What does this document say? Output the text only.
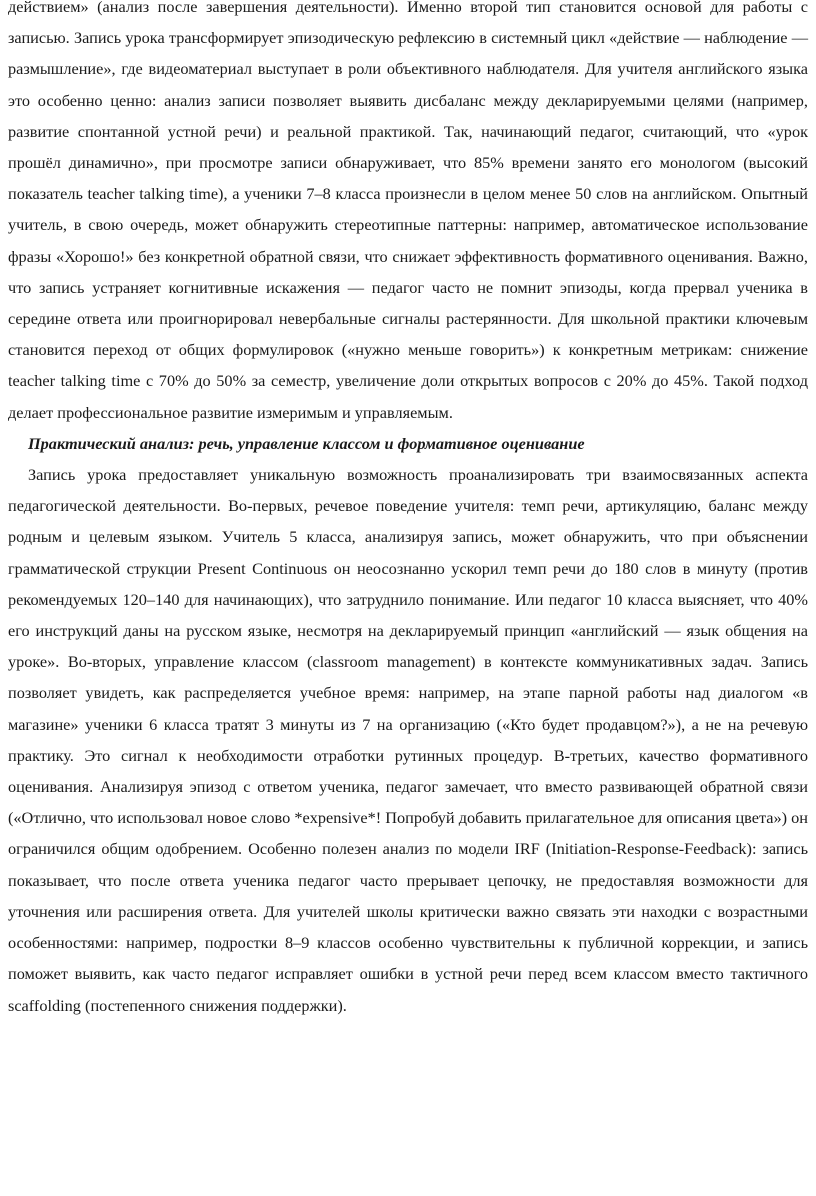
действием» (анализ после завершения деятельности). Именно второй тип становится основой для работы с записью. Запись урока трансформирует эпизодическую рефлексию в системный цикл «действие — наблюдение — размышление», где видеоматериал выступает в роли объективного наблюдателя. Для учителя английского языка это особенно ценно: анализ записи позволяет выявить дисбаланс между декларируемыми целями (например, развитие спонтанной устной речи) и реальной практикой. Так, начинающий педагог, считающий, что «урок прошёл динамично», при просмотре записи обнаруживает, что 85% времени занято его монологом (высокий показатель teacher talking time), а ученики 7–8 класса произнесли в целом менее 50 слов на английском. Опытный учитель, в свою очередь, может обнаружить стереотипные паттерны: например, автоматическое использование фразы «Хорошо!» без конкретной обратной связи, что снижает эффективность формативного оценивания. Важно, что запись устраняет когнитивные искажения — педагог часто не помнит эпизоды, когда прервал ученика в середине ответа или проигнорировал невербальные сигналы растерянности. Для школьной практики ключевым становится переход от общих формулировок («нужно меньше говорить») к конкретным метрикам: снижение teacher talking time с 70% до 50% за семестр, увеличение доли открытых вопросов с 20% до 45%. Такой подход делает профессиональное развитие измеримым и управляемым.

Практический анализ: речь, управление классом и формативное оценивание

Запись урока предоставляет уникальную возможность проанализировать три взаимосвязанных аспекта педагогической деятельности. Во-первых, речевое поведение учителя: темп речи, артикуляцию, баланс между родным и целевым языком. Учитель 5 класса, анализируя запись, может обнаружить, что при объяснении грамматической струкции Present Continuous он неосознанно ускорил темп речи до 180 слов в минуту (против рекомендуемых 120–140 для начинающих), что затруднило понимание. Или педагог 10 класса выясняет, что 40% его инструкций даны на русском языке, несмотря на декларируемый принцип «английский — язык общения на уроке». Во-вторых, управление классом (classroom management) в контексте коммуникативных задач. Запись позволяет увидеть, как распределяется учебное время: например, на этапе парной работы над диалогом «в магазине» ученики 6 класса тратят 3 минуты из 7 на организацию («Кто будет продавцом?»), а не на речевую практику. Это сигнал к необходимости отработки рутинных процедур. В-третьих, качество формативного оценивания. Анализируя эпизод с ответом ученика, педагог замечает, что вместо развивающей обратной связи («Отлично, что использовал новое слово *expensive*! Попробуй добавить прилагательное для описания цвета») он ограничился общим одобрением. Особенно полезен анализ по модели IRF (Initiation-Response-Feedback): запись показывает, что после ответа ученика педагог часто прерывает цепочку, не предоставляя возможности для уточнения или расширения ответа. Для учителей школы критически важно связать эти находки с возрастными особенностями: например, подростки 8–9 классов особенно чувствительны к публичной коррекции, и запись поможет выявить, как часто педагог исправляет ошибки в устной речи перед всем классом вместо тактичного scaffolding (постепенного снижения поддержки).
